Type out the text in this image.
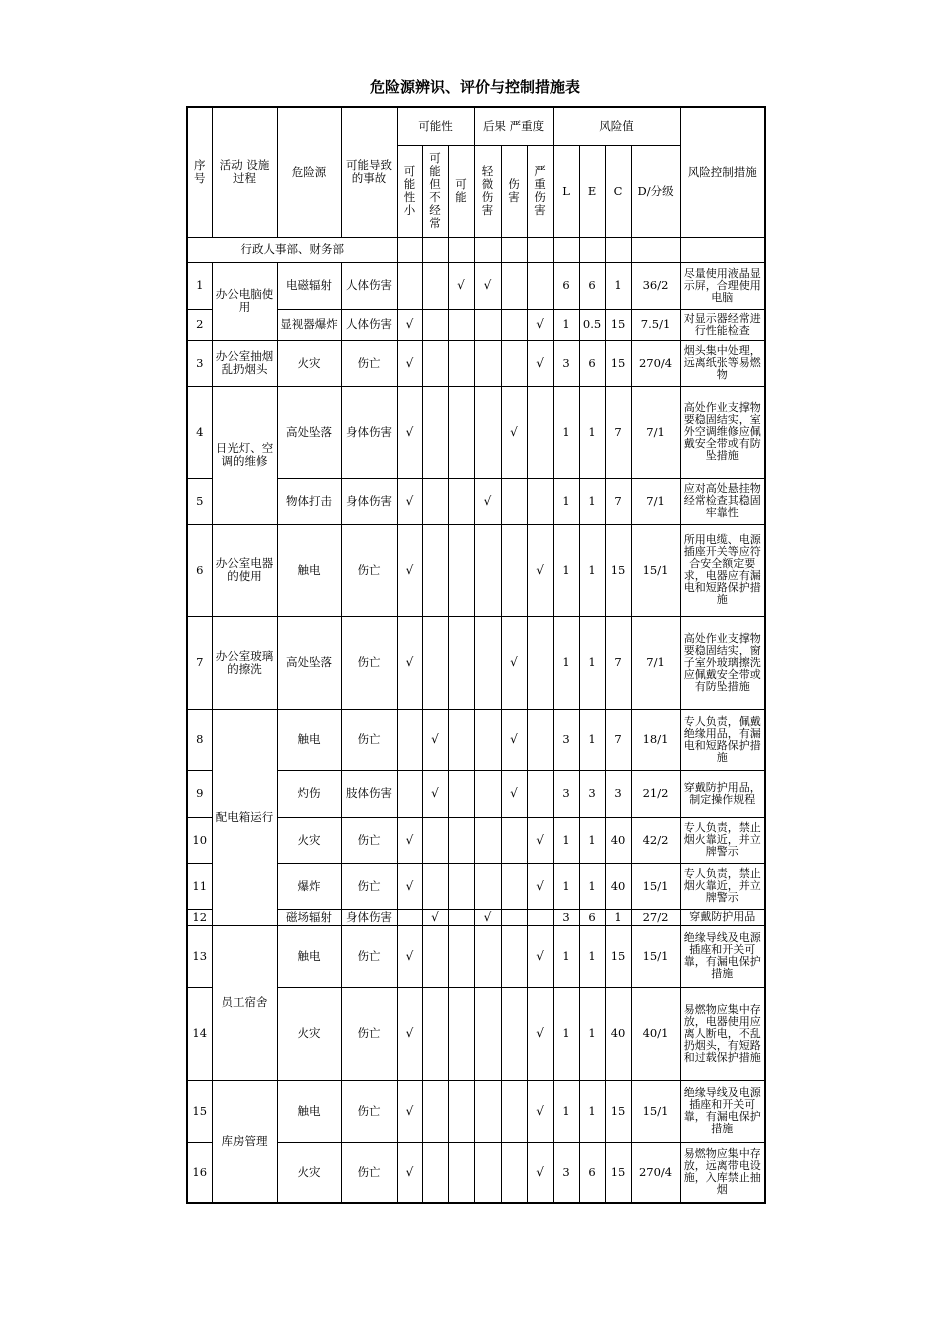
危险源辨识、评价与控制措施表
序号	活动 设施 过程	危险源	可能导致的事故	可能性			后果 严重度			风险值				风险控制措施
				可能性小	可能但不经常	可能	轻微伤害	伤害	严重伤害	L	E	C	D/分级	
行政人事部、财务部														
1	办公电脑使用	电磁辐射	人体伤害			√	√			6	6	1	36/2	尽量使用液晶显示屏，合理使用电脑
2		显视器爆炸	人体伤害	√					√	1	0.5	15	7.5/1	对显示器经常进行性能检查
3	办公室抽烟乱扔烟头	火灾	伤亡	√					√	3	6	15	270/4	烟头集中处理，远离纸张等易燃物
4	日光灯、空调的维修	高处坠落	身体伤害	√				√		1	1	7	7/1	高处作业支撑物要稳固结实，室外空调维修应佩戴安全带或有防坠措施
5		物体打击	身体伤害	√			√			1	1	7	7/1	应对高处悬挂物经常检查其稳固牢靠性
6	办公室电器的使用	触电	伤亡	√					√	1	1	15	15/1	所用电缆、电源插座开关等应符合安全额定要求，电器应有漏电和短路保护措施
7	办公室玻璃的擦洗	高处坠落	伤亡	√				√		1	1	7	7/1	高处作业支撑物要稳固结实，窗子室外玻璃擦洗应佩戴安全带或有防坠措施
8	配电箱运行	触电	伤亡		√			√		3	1	7	18/1	专人负责，佩戴绝缘用品，有漏电和短路保护措施
9		灼伤	肢体伤害		√			√		3	3	3	21/2	穿戴防护用品，制定操作规程
10		火灾	伤亡	√					√	1	1	40	42/2	专人负责，禁止烟火靠近，并立牌警示
11		爆炸	伤亡	√					√	1	1	40	15/1	专人负责，禁止烟火靠近，并立牌警示
12		磁场辐射	身体伤害		√		√			3	6	1	27/2	穿戴防护用品
13	员工宿舍	触电	伤亡	√					√	1	1	15	15/1	绝缘导线及电源插座和开关可靠，有漏电保护措施
14		火灾	伤亡	√					√	1	1	40	40/1	易燃物应集中存放，电器使用应离人断电，不乱扔烟头，有短路和过载保护措施
15	库房管理	触电	伤亡	√					√	1	1	15	15/1	绝缘导线及电源插座和开关可靠，有漏电保护措施
16		火灾	伤亡	√					√	3	6	15	270/4	易燃物应集中存放，远离带电设施，入库禁止抽烟
